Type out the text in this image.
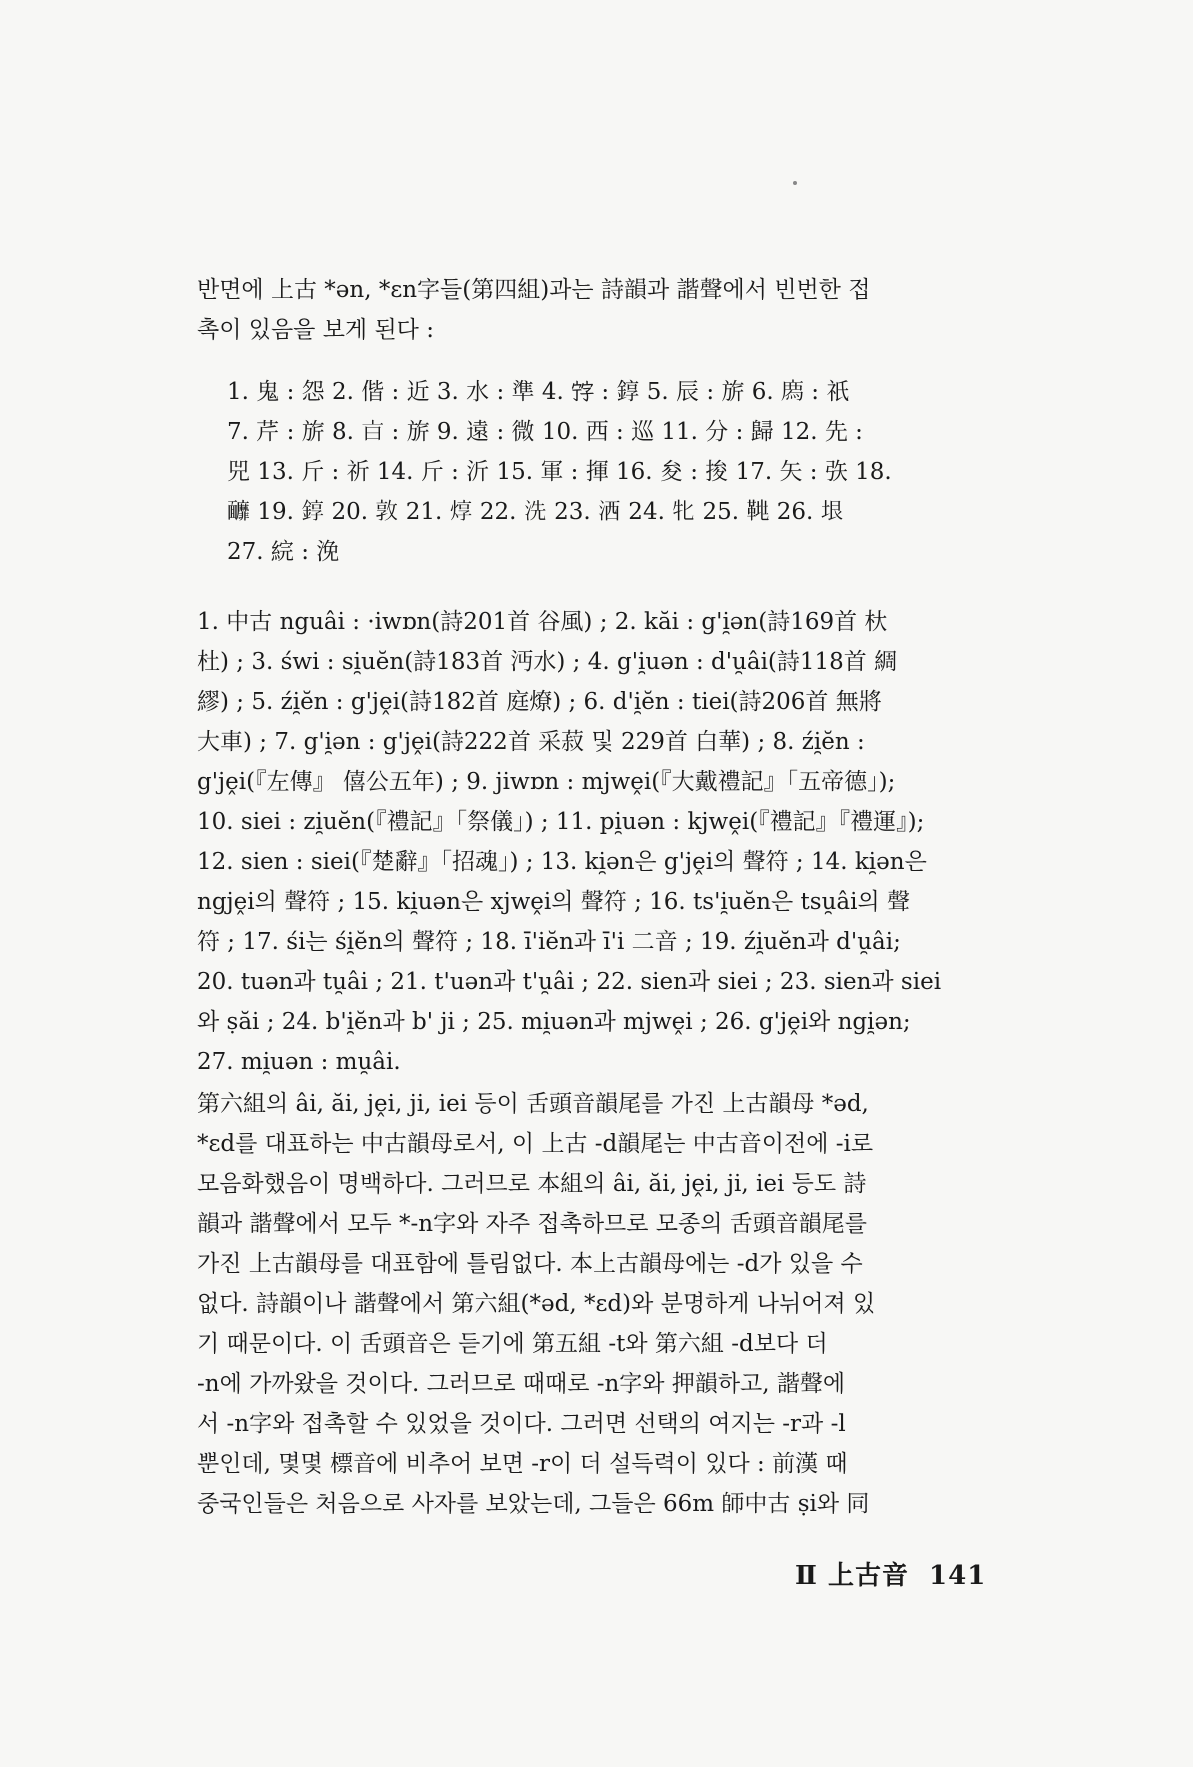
반면에 上古 *ən, *εn字들(第四組)과는 詩韻과 諧聲에서 빈번한 접
촉이 있음을 보게 된다 :
1. 鬼 : 怨 2. 偕 : 近 3. 水 : 準 4. 𡨸 : 錞 5. 辰 : 旂 6. 𢊁 : 祇
7. 芹 : 旂 8. 𣅀 : 旂 9. 遠 : 微 10. 西 : 巡 11. 分 : 歸 12. 先 :
兕 13. 斤 : 祈 14. 斤 : 沂 15. 軍 : 揮 16. 夋 : 捘 17. 矢 : 矤 18.
𩉚 19. 錞 20. 敦 21. 焞 22. 洗 23. 洒 24. 牝 25. 𩊲 26. 垠
27. 綄 : 浼
1. 中古 nguâi : ·iwɒn(詩201首 谷風) ; 2. kăi : g'i̯ən(詩169首 杕
杜) ; 3. świ : si̯uĕn(詩183首 沔水) ; 4. g'i̯uən : d'u̯âi(詩118首 綢
繆) ; 5. źi̯ĕn : g'jḙi(詩182首 庭燎) ; 6. d'i̯ĕn : tiei(詩206首 無將
大車) ; 7. g'i̯ən : g'jḙi(詩222首 采菽 및 229首 白華) ; 8. źi̯ĕn :
g'jḙi(『左傳』 僖公五年) ; 9. jiwɒn : mjwḙi(『大戴禮記』「五帝德」);
10. siei : zi̯uĕn(『禮記』「祭儀」) ; 11. pi̯uən : kjwḙi(『禮記』『禮運』);
12. sien : siei(『楚辭』「招魂」) ; 13. ki̯ən은 g'jḙi의 聲符 ; 14. ki̯ən은
ngjḙi의 聲符 ; 15. ki̯uən은 xjwḙi의 聲符 ; 16. ts'i̯uĕn은 tsu̯âi의 聲
符 ; 17. śi는 śi̯ĕn의 聲符 ; 18. ī'iĕn과 ī'i 二音 ; 19. źi̯uĕn과 d'u̯âi;
20. tuən과 tu̯âi ; 21. t'uən과 t'u̯âi ; 22. sien과 siei ; 23. sien과 siei
와 ṣăi ; 24. b'i̯ĕn과 b' ji ; 25. mi̯uən과 mjwḙi ; 26. g'jḙi와 ngi̯ən;
27. mi̯uən : mu̯âi.
第六組의 âi, ăi, jḙi, ji, iei 등이 舌頭音韻尾를 가진 上古韻母 *əd,
*εd를 대표하는 中古韻母로서, 이 上古 -d韻尾는 中古音이전에 -i로
모음화했음이 명백하다. 그러므로 本組의 âi, ăi, jḙi, ji, iei 등도 詩
韻과 諧聲에서 모두 *-n字와 자주 접촉하므로 모종의 舌頭音韻尾를
가진 上古韻母를 대표함에 틀림없다. 本上古韻母에는 -d가 있을 수
없다. 詩韻이나 諧聲에서 第六組(*əd, *εd)와 분명하게 나뉘어져 있
기 때문이다. 이 舌頭音은 듣기에 第五組 -t와 第六組 -d보다 더
-n에 가까왔을 것이다. 그러므로 때때로 -n字와 押韻하고, 諧聲에
서 -n字와 접촉할 수 있었을 것이다. 그러면 선택의 여지는 -r과 -l
뿐인데, 몇몇 標音에 비추어 보면 -r이 더 설득력이 있다 : 前漢 때
중국인들은 처음으로 사자를 보았는데, 그들은 66m 師中古 ṣi와 同
Ⅱ 上古音 141
